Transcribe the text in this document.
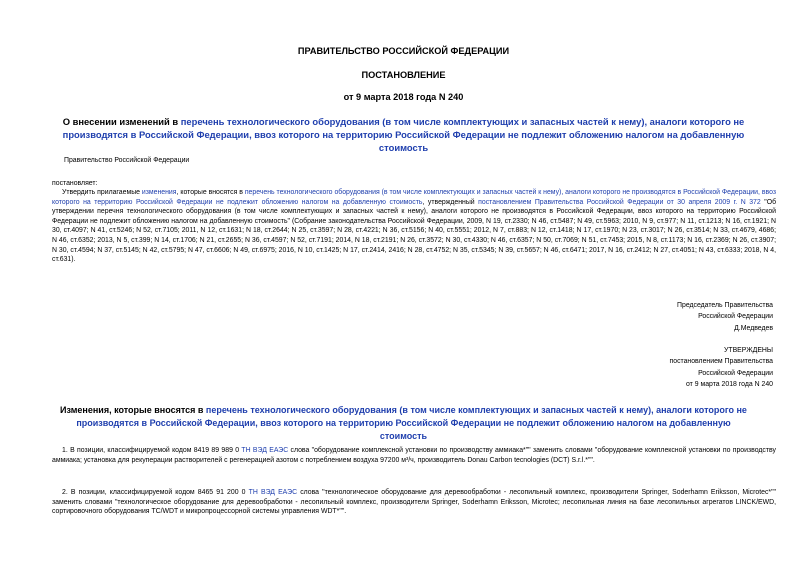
ПРАВИТЕЛЬСТВО РОССИЙСКОЙ ФЕДЕРАЦИИ
ПОСТАНОВЛЕНИЕ
от 9 марта 2018 года N 240
О внесении изменений в перечень технологического оборудования (в том числе комплектующих и запасных частей к нему), аналоги которого не производятся в Российской Федерации, ввоз которого на территорию Российской Федерации не подлежит обложению налогом на добавленную стоимость
Правительство Российской Федерации
постановляет:
Утвердить прилагаемые изменения, которые вносятся в перечень технологического оборудования (в том числе комплектующих и запасных частей к нему), аналоги которого не производятся в Российской Федерации, ввоз которого на территорию Российской Федерации не подлежит обложению налогом на добавленную стоимость, утвержденный постановлением Правительства Российской Федерации от 30 апреля 2009 г. N 372 "Об утверждении перечня технологического оборудования (в том числе комплектующих и запасных частей к нему), аналоги которого не производятся в Российской Федерации, ввоз которого на территорию Российской Федерации не подлежит обложению налогом на добавленную стоимость" (Собрание законодательства Российской Федерации, 2009, N 19, ст.2330; N 46, ст.5487; N 49, ст.5963; 2010, N 9, ст.977; N 11, ст.1213; N 16, ст.1921; N 30, ст.4097; N 41, ст.5246; N 52, ст.7105; 2011, N 12, ст.1631; N 18, ст.2644; N 25, ст.3597; N 28, ст.4221; N 36, ст.5156; N 40, ст.5551; 2012, N 7, ст.883; N 12, ст.1418; N 17, ст.1970; N 23, ст.3017; N 26, ст.3514; N 33, ст.4679, 4686; N 46, ст.6352; 2013, N 5, ст.399; N 14, ст.1706; N 21, ст.2655; N 36, ст.4597; N 52, ст.7191; 2014, N 18, ст.2191; N 26, ст.3572; N 30, ст.4330; N 46, ст.6357; N 50, ст.7069; N 51, ст.7453; 2015, N 8, ст.1173; N 16, ст.2369; N 26, ст.3907; N 30, ст.4594; N 37, ст.5145; N 42, ст.5795; N 47, ст.6606; N 49, ст.6975; 2016, N 10, ст.1425; N 17, ст.2414, 2416; N 28, ст.4752; N 35, ст.5345; N 39, ст.5657; N 46, ст.6471; 2017, N 16, ст.2412; N 27, ст.4051; N 43, ст.6333; 2018, N 4, ст.631).
Председатель Правительства
Российской Федерации
Д.Медведев
УТВЕРЖДЕНЫ
постановлением Правительства
Российской Федерации
от 9 марта 2018 года N 240
Изменения, которые вносятся в перечень технологического оборудования (в том числе комплектующих и запасных частей к нему), аналоги которого не производятся в Российской Федерации, ввоз которого на территорию Российской Федерации не подлежит обложению налогом на добавленную стоимость
1. В позиции, классифицируемой кодом 8419 89 989 0 ТН ВЭД ЕАЭС слова "оборудование комплексной установки по производству аммиака*"" заменить словами "оборудование комплексной установки по производству аммиака; установка для рекуперации растворителей с регенерацией азотом с потреблением воздуха 97200 м³/ч, производитель Donau Carbon tecnologies (DCT) S.r.l.*"".
2. В позиции, классифицируемой кодом 8465 91 200 0 ТН ВЭД ЕАЭС слова "технологическое оборудование для деревообработки - лесопильный комплекс, производители Springer, Soderhamn Eriksson, Microtec*"" заменить словами "технологическое оборудование для деревообработки - лесопильный комплекс, производители Springer, Soderhamn Eriksson, Microtec; лесопильная линия на базе лесопильных агрегатов LINCK/EWD, сортировочного оборудования TC/WDT и микропроцессорной системы управления WDT*"".
